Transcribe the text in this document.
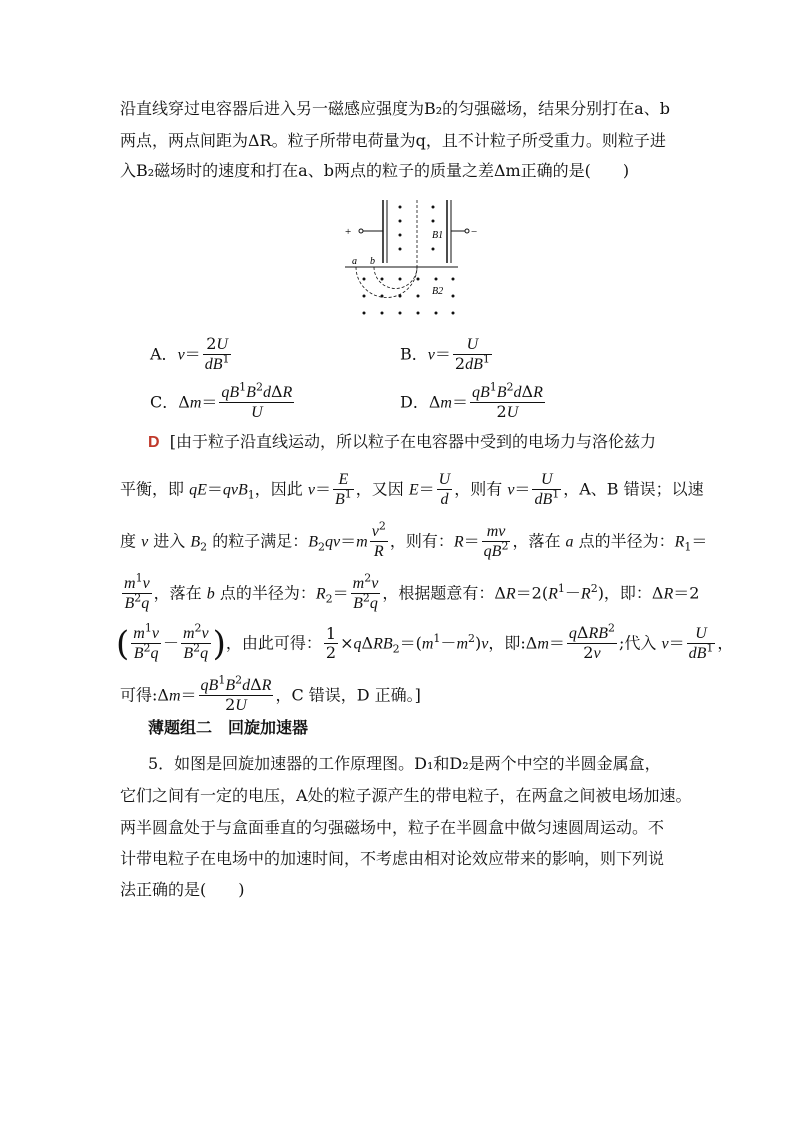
沿直线穿过电容器后进入另一磁感应强度为B₂的匀强磁场，结果分别打在a、b
两点，两点间距为ΔR。粒子所带电荷量为q，且不计粒子所受重力。则粒子进
入B₂磁场时的速度和打在a、b两点的粒子的质量之差Δm正确的是(　　)
+	−
B1
a b
B2
A．$v= \frac{2U}{dB^1}$	B．$v= \frac{U}{2dB^1}$
C．$\Delta m= \frac{qB^1B^2d\Delta R}{U}$	D．$\Delta m= \frac{qB^1B^2d\Delta R}{2U}$
D  [由于粒子沿直线运动，所以粒子在电容器中受到的电场力与洛伦兹力
平衡，即 qE＝qvB$_1$，因此 $v= \frac{E}{B^1}$ ，又因 $E= \frac{U}{d}$ ，则有 $v= \frac{U}{dB^1}$ ，A、B 错误；以速
度 v 进入 $B_2$ 的粒子满足：$B_2qv=m \frac{v^2}{R}$ ，则有：$R= \frac{mv}{qB^2}$ ，落在 a 点的半径为：$R_1=$
$\frac{m^1v}{B^2q}$ ，落在 b 点的半径为：$R_2= \frac{m^2v}{B^2q}$ ，根据题意有：$\Delta R=2(R^1-R^2)$，即：ΔR＝2
( $\frac{m^1v}{B^2q} - \frac{m^2v}{B^2q}$ )，由此可得： $\frac{1}{2} \times q\Delta RB_2=(m^1-m^2)v$，即:Δm＝ $\frac{q\Delta RB^2}{2v}$ ;代入 $v= \frac{U}{dB^1}$ ，
可得:Δm＝ $\frac{qB^1B^2d\Delta R}{2U}$ ，C 错误，D 正确。]
薄题组二　回旋加速器
5．如图是回旋加速器的工作原理图。D₁和D₂是两个中空的半圆金属盒，
它们之间有一定的电压，A处的粒子源产生的带电粒子，在两盒之间被电场加速。
两半圆盒处于与盒面垂直的匀强磁场中，粒子在半圆盒中做匀速圆周运动。不
计带电粒子在电场中的加速时间，不考虑由相对论效应带来的影响，则下列说
法正确的是(　　)
